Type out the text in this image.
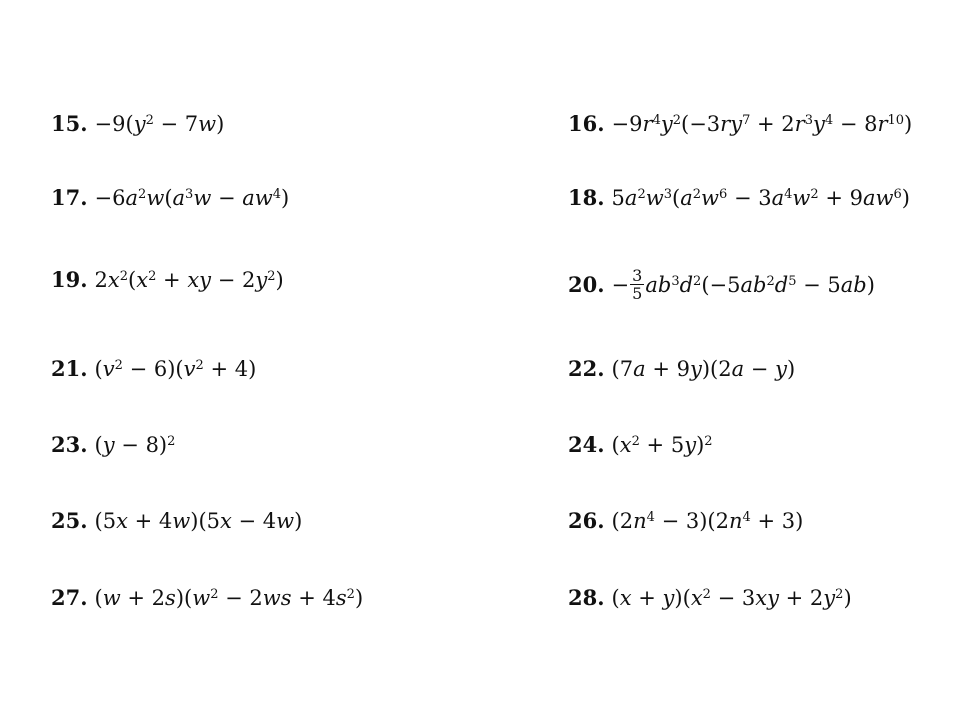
15. $-9(y^2 - 7w)$	16. $-9r^4y^2(-3ry^7 + 2r^3y^4 - 8r^{10})$
17. $-6a^2w(a^3w - aw^4)$	18. $5a^2w^3(a^2w^6 - 3a^4w^2 + 9aw^6)$
19. $2x^2(x^2$ + xy − $2y^2$)	20. − $\frac{3}{5} ab^3d^2(-5ab^2d^5 - 5ab)$
21. $(v^2 - 6)(v^2 + 4)$	22. (7a + 9y)(2a − y)
23. $(y - 8)^2$	24. $(x^2 + 5y)^2$
25. (5x + 4w)(5x − 4w)	26. $(2n^4 - 3)(2n^4 + 3)$
27. $(w + 2s)(w^2 - 2ws + 4s^2)$	28. $(x + y)(x^2 - 3xy + 2y^2)$
